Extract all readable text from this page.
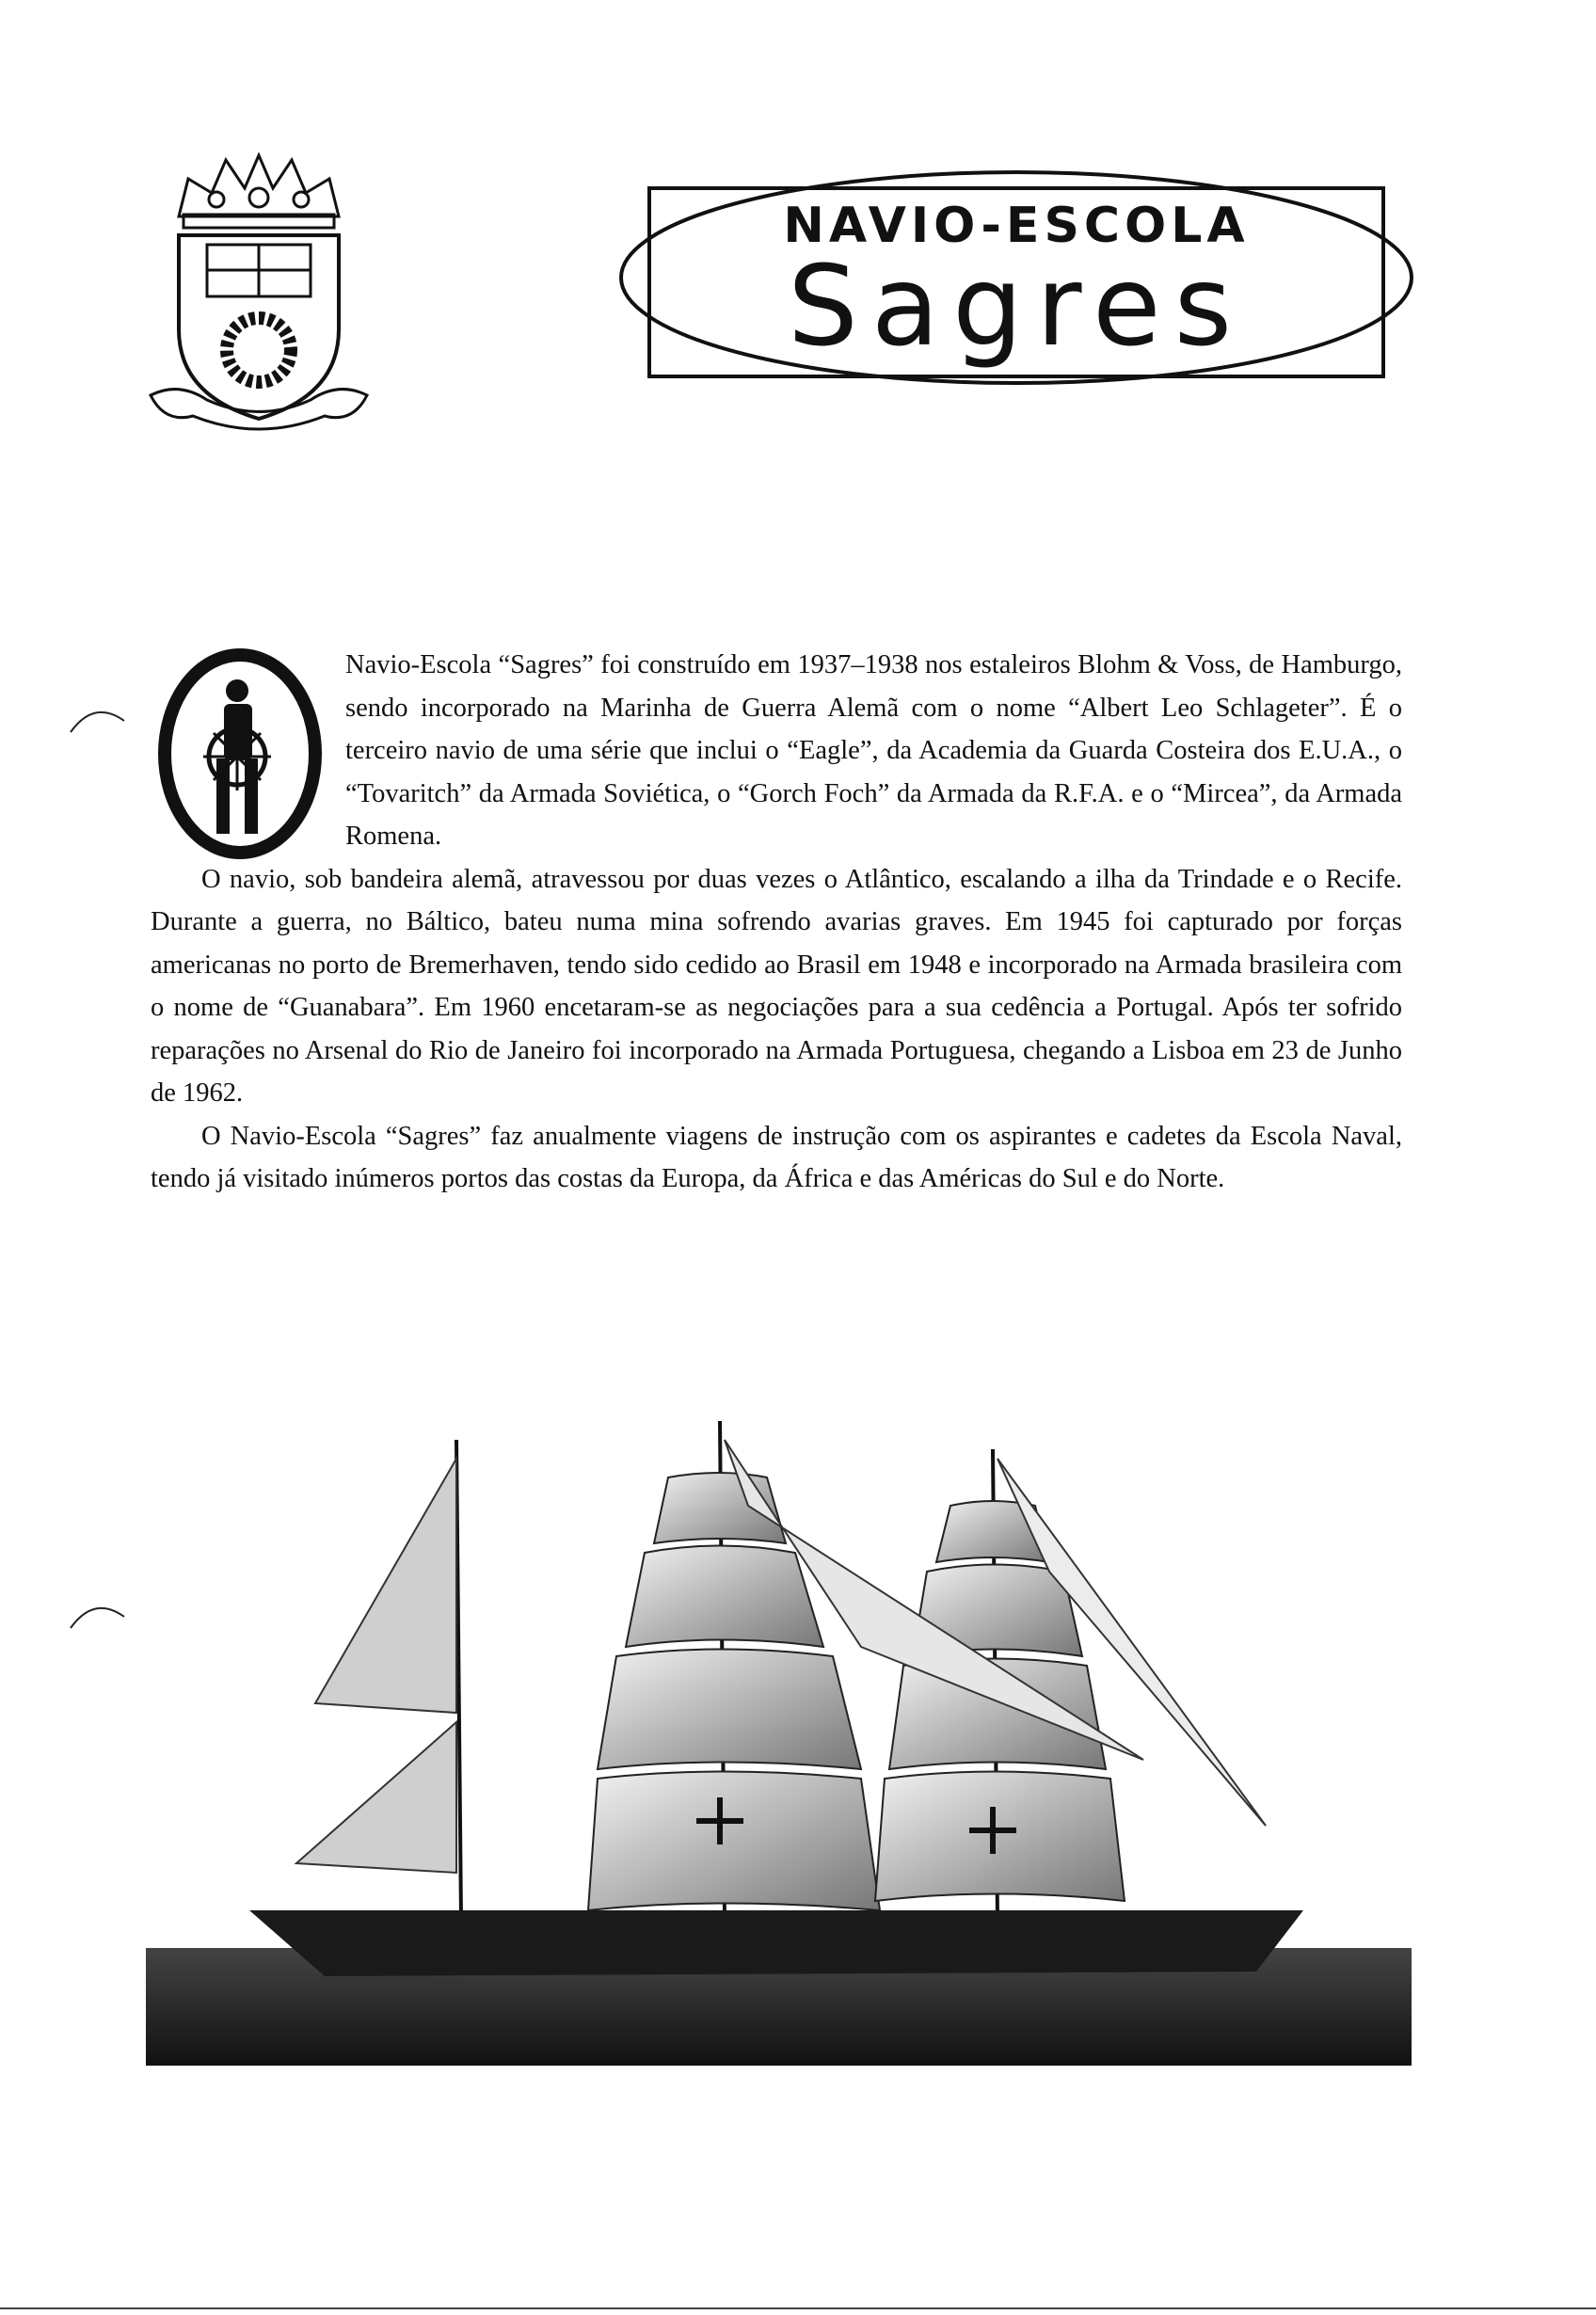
NAVIO-ESCOLA
Sagres

Navio-Escola “Sagres” foi construído em 1937–1938 nos estaleiros Blohm & Voss, de Hamburgo, sendo incorporado na Marinha de Guerra Alemã com o nome “Albert Leo Schlageter”. É o terceiro navio de uma série que inclui o “Eagle”, da Academia da Guarda Costeira dos E.U.A., o “Tovaritch” da Armada Soviética, o “Gorch Foch” da Armada da R.F.A. e o “Mircea”, da Armada Romena.

O navio, sob bandeira alemã, atravessou por duas vezes o Atlântico, escalando a ilha da Trindade e o Recife. Durante a guerra, no Báltico, bateu numa mina sofrendo avarias graves. Em 1945 foi capturado por forças americanas no porto de Bremerhaven, tendo sido cedido ao Brasil em 1948 e incorporado na Armada brasileira com o nome de “Guanabara”. Em 1960 encetaram-se as negociações para a sua cedência a Portugal. Após ter sofrido reparações no Arsenal do Rio de Janeiro foi incorporado na Armada Portuguesa, chegando a Lisboa em 23 de Junho de 1962.

O Navio-Escola “Sagres” faz anualmente viagens de instrução com os aspirantes e cadetes da Escola Naval, tendo já visitado inúmeros portos das costas da Europa, da África e das Américas do Sul e do Norte.
